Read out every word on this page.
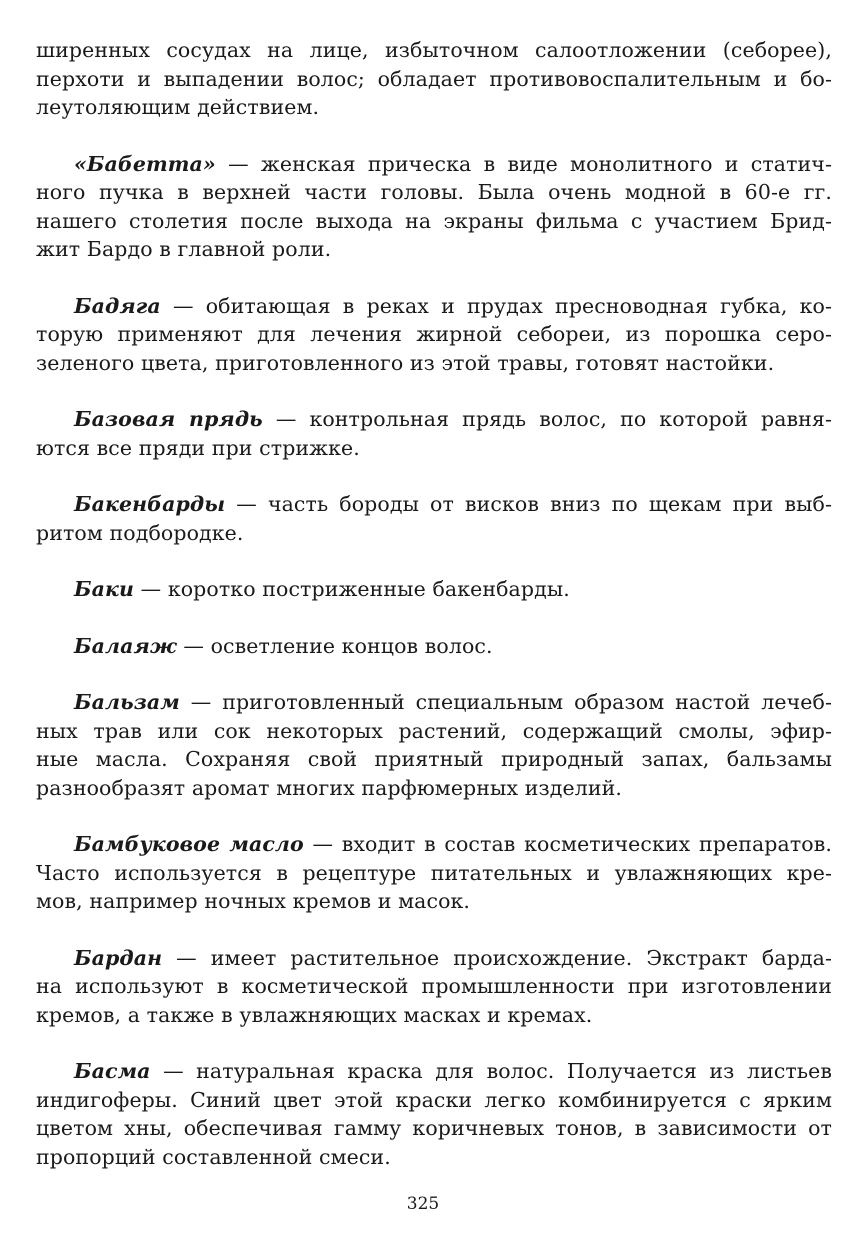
ширенных сосудах на лице, избыточном салоотложении (себорее),
перхоти и выпадении волос; обладает противовоспалительным и бо-
леутоляющим действием.
«Бабетта» — женская прическа в виде монолитного и статич-
ного пучка в верхней части головы. Была очень модной в 60-е гг.
нашего столетия после выхода на экраны фильма с участием Брид-
жит Бардо в главной роли.
Бадяга — обитающая в реках и прудах пресноводная губка, ко-
торую применяют для лечения жирной себореи, из порошка серо-
зеленого цвета, приготовленного из этой травы, готовят настойки.
Базовая прядь — контрольная прядь волос, по которой равня-
ются все пряди при стрижке.
Бакенбарды — часть бороды от висков вниз по щекам при выб-
ритом подбородке.
Баки — коротко постриженные бакенбарды.
Балаяж — осветление концов волос.
Бальзам — приготовленный специальным образом настой лечеб-
ных трав или сок некоторых растений, содержащий смолы, эфир-
ные масла. Сохраняя свой приятный природный запах, бальзамы
разнообразят аромат многих парфюмерных изделий.
Бамбуковое масло — входит в состав косметических препаратов.
Часто используется в рецептуре питательных и увлажняющих кре-
мов, например ночных кремов и масок.
Бардан — имеет растительное происхождение. Экстракт барда-
на используют в косметической промышленности при изготовлении
кремов, а также в увлажняющих масках и кремах.
Басма — натуральная краска для волос. Получается из листьев
индигоферы. Синий цвет этой краски легко комбинируется с ярким
цветом хны, обеспечивая гамму коричневых тонов, в зависимости от
пропорций составленной смеси.
325
